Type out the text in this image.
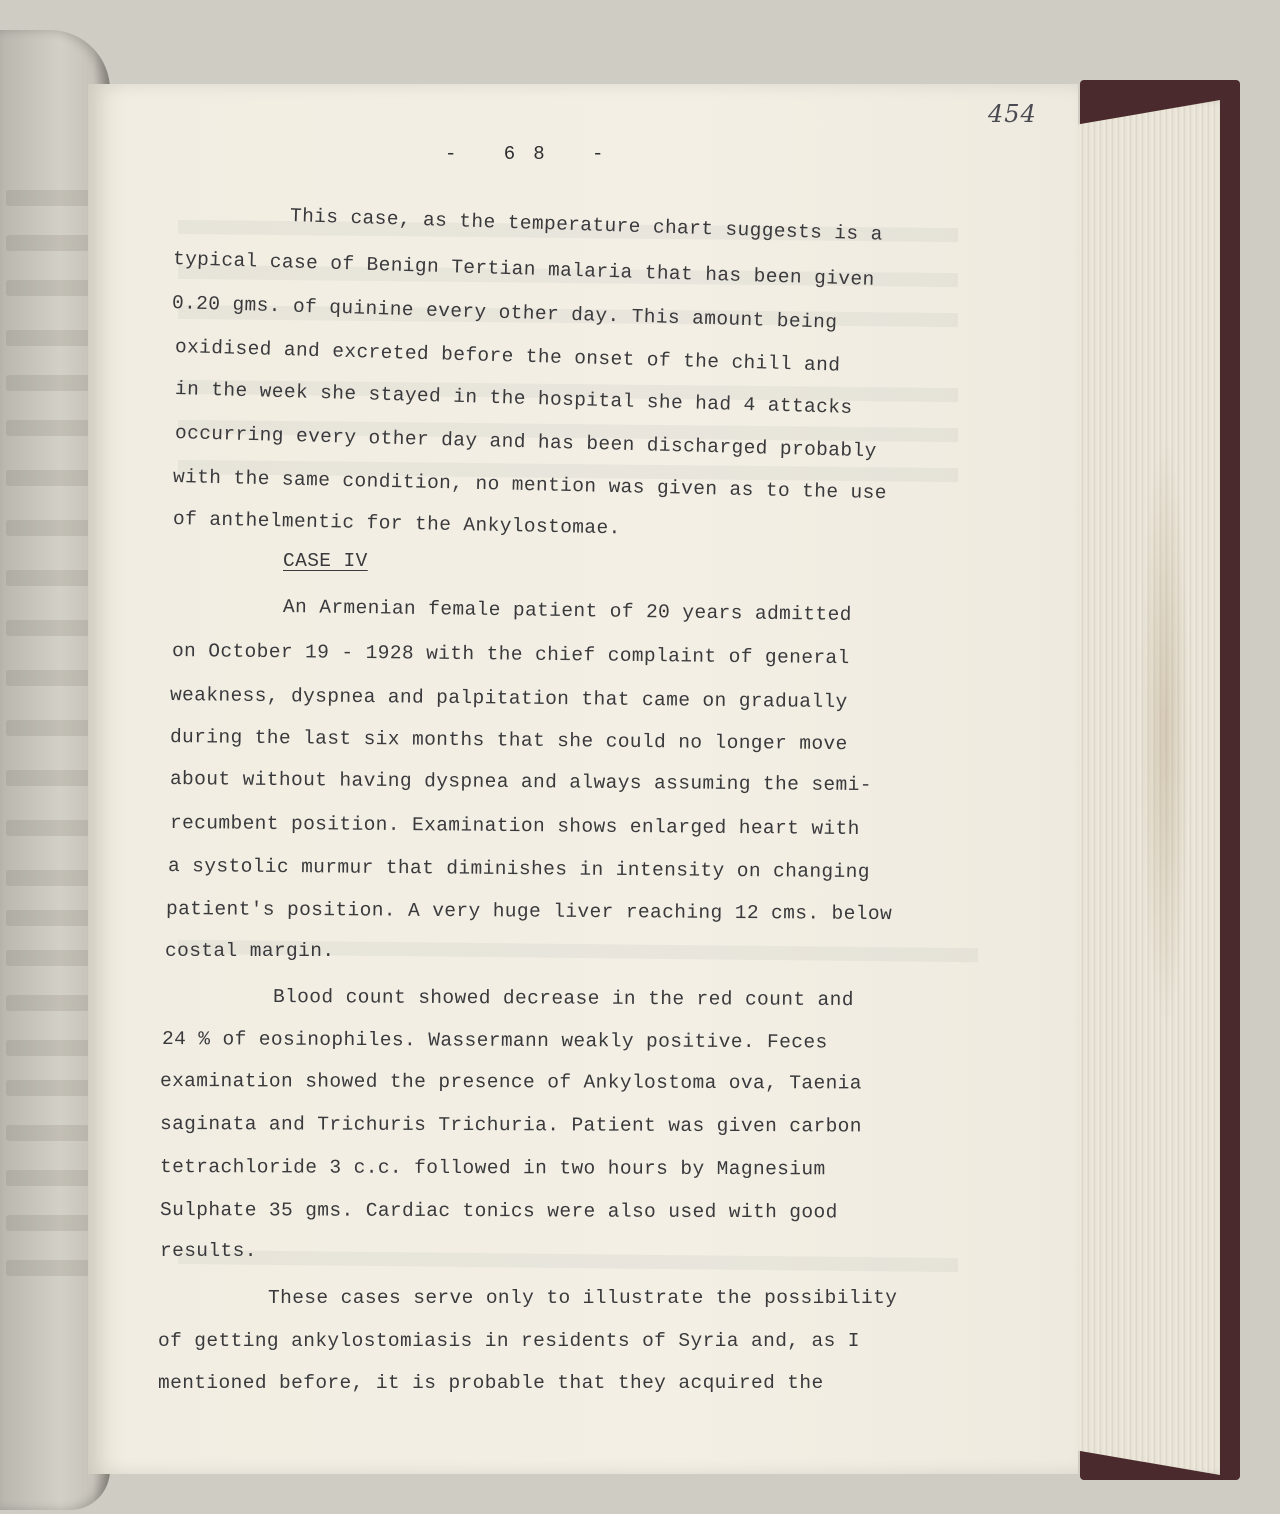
454
- 68 -
This case, as the temperature chart suggests is a
typical case of Benign Tertian malaria that has been given
0.20 gms. of quinine every other day. This amount being
oxidised and excreted before the onset of the chill and
in the week she stayed in the hospital she had 4 attacks
occurring every other day and has been discharged probably
with the same condition, no mention was given as to the use
of anthelmentic for the Ankylostomae.
CASE IV
An Armenian female patient of 20 years admitted
on October 19 - 1928 with the chief complaint of general
weakness, dyspnea and palpitation that came on gradually
during the last six months that she could no longer move
about without having dyspnea and always assuming the semi-
recumbent position. Examination shows enlarged heart with
a systolic murmur that diminishes in intensity on changing
patient's position. A very huge liver reaching 12 cms. below
costal margin.
Blood count showed decrease in the red count and
24 % of eosinophiles. Wassermann weakly positive. Feces
examination showed the presence of Ankylostoma ova, Taenia
saginata and Trichuris Trichuria. Patient was given carbon
tetrachloride 3 c.c. followed in two hours by Magnesium
Sulphate 35 gms. Cardiac tonics were also used with good
results.
These cases serve only to illustrate the possibility
of getting ankylostomiasis in residents of Syria and, as I
mentioned before, it is probable that they acquired the
